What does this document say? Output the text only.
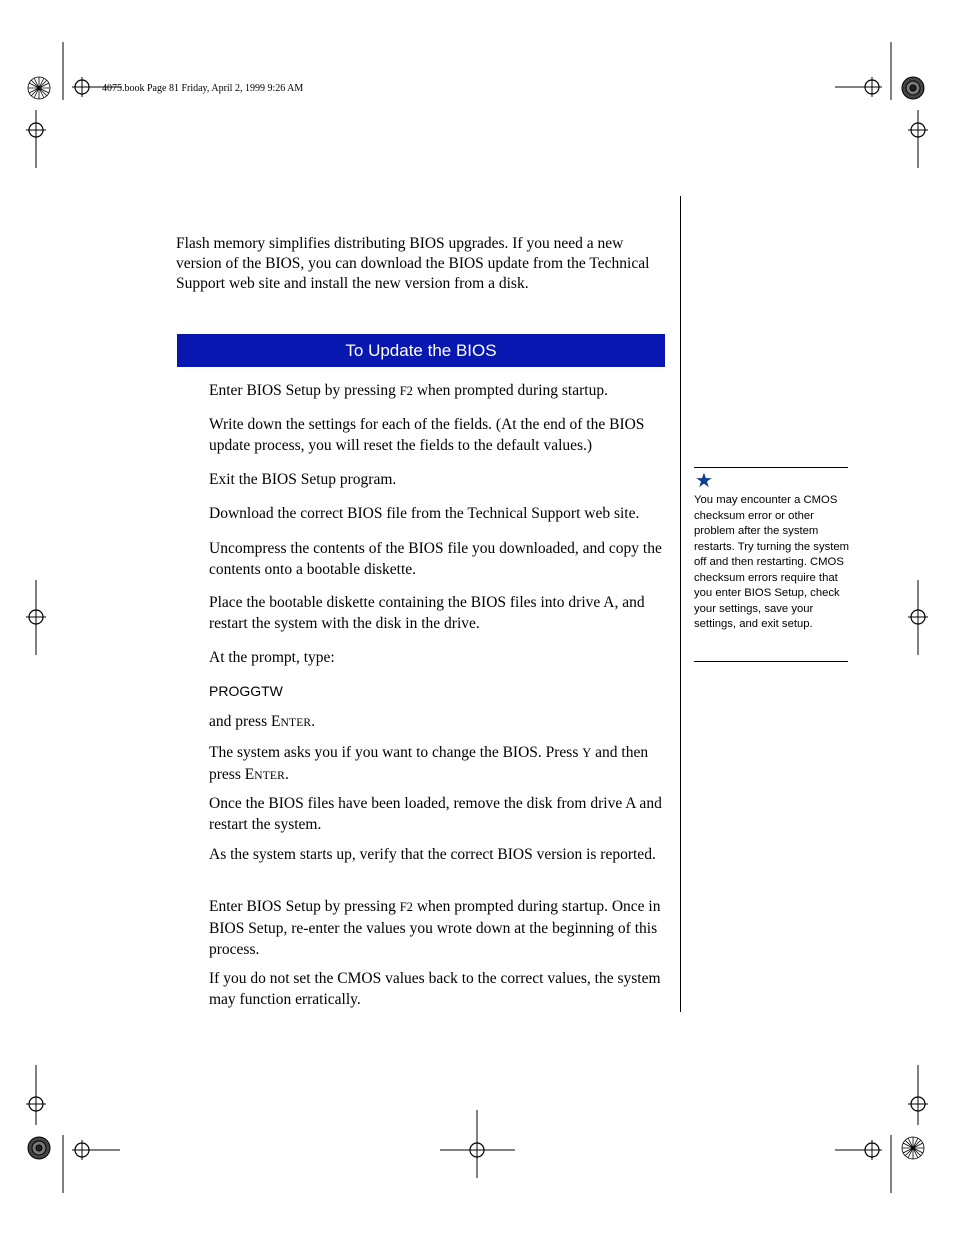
4075.book Page 81 Friday, April 2, 1999 9:26 AM
Flash memory simplifies distributing BIOS upgrades. If you need a new version of the BIOS, you can download the BIOS update from the Technical Support web site and install the new version from a disk.
To Update the BIOS
Enter BIOS Setup by pressing F2 when prompted during startup.
Write down the settings for each of the fields. (At the end of the BIOS update process, you will reset the fields to the default values.)
Exit the BIOS Setup program.
Download the correct BIOS file from the Technical Support web site.
Uncompress the contents of the BIOS file you downloaded, and copy the contents onto a bootable diskette.
Place the bootable diskette containing the BIOS files into drive A, and restart the system with the disk in the drive.
At the prompt, type:
PROGGTW
and press ENTER.
The system asks you if you want to change the BIOS. Press Y and then press ENTER.
Once the BIOS files have been loaded, remove the disk from drive A and restart the system.
As the system starts up, verify that the correct BIOS version is reported.
Enter BIOS Setup by pressing F2 when prompted during startup. Once in BIOS Setup, re-enter the values you wrote down at the beginning of this process.
If you do not set the CMOS values back to the correct values, the system may function erratically.
★
You may encounter a CMOS checksum error or other problem after the system restarts. Try turning the system off and then restarting. CMOS checksum errors require that you enter BIOS Setup, check your settings, save your settings, and exit setup.
